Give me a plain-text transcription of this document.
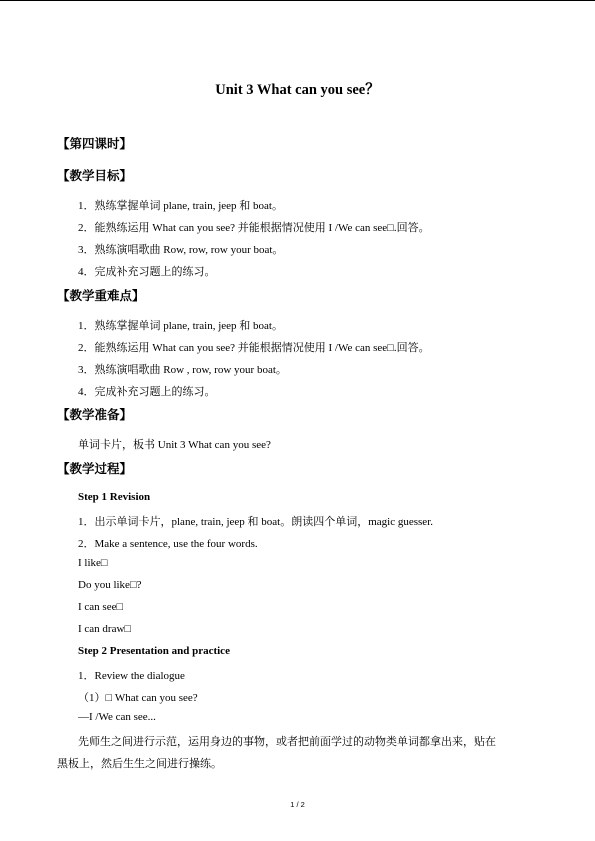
Unit 3 What can you see？
【第四课时】
【教学目标】
1．熟练掌握单词 plane, train, jeep 和 boat。
2．能熟练运用 What can you see? 并能根据情况使用 I /We can see□.回答。
3．熟练演唱歌曲 Row, row, row your boat。
4．完成补充习题上的练习。
【教学重难点】
1．熟练掌握单词 plane, train, jeep 和 boat。
2．能熟练运用 What can you see? 并能根据情况使用 I /We can see□.回答。
3．熟练演唱歌曲 Row , row, row your boat。
4．完成补充习题上的练习。
【教学准备】
单词卡片，板书 Unit 3 What can you see?
【教学过程】
Step 1 Revision
1．出示单词卡片，plane, train, jeep 和 boat。朗读四个单词，magic guesser.
2．Make a sentence, use the four words.
I like□
Do you like□?
I can see□
I can draw□
Step 2 Presentation and practice
1．Review the dialogue
（1）□ What can you see?
—I /We can see...
先师生之间进行示范，运用身边的事物，或者把前面学过的动物类单词都拿出来，贴在
黑板上，然后生生之间进行操练。
1 / 2
